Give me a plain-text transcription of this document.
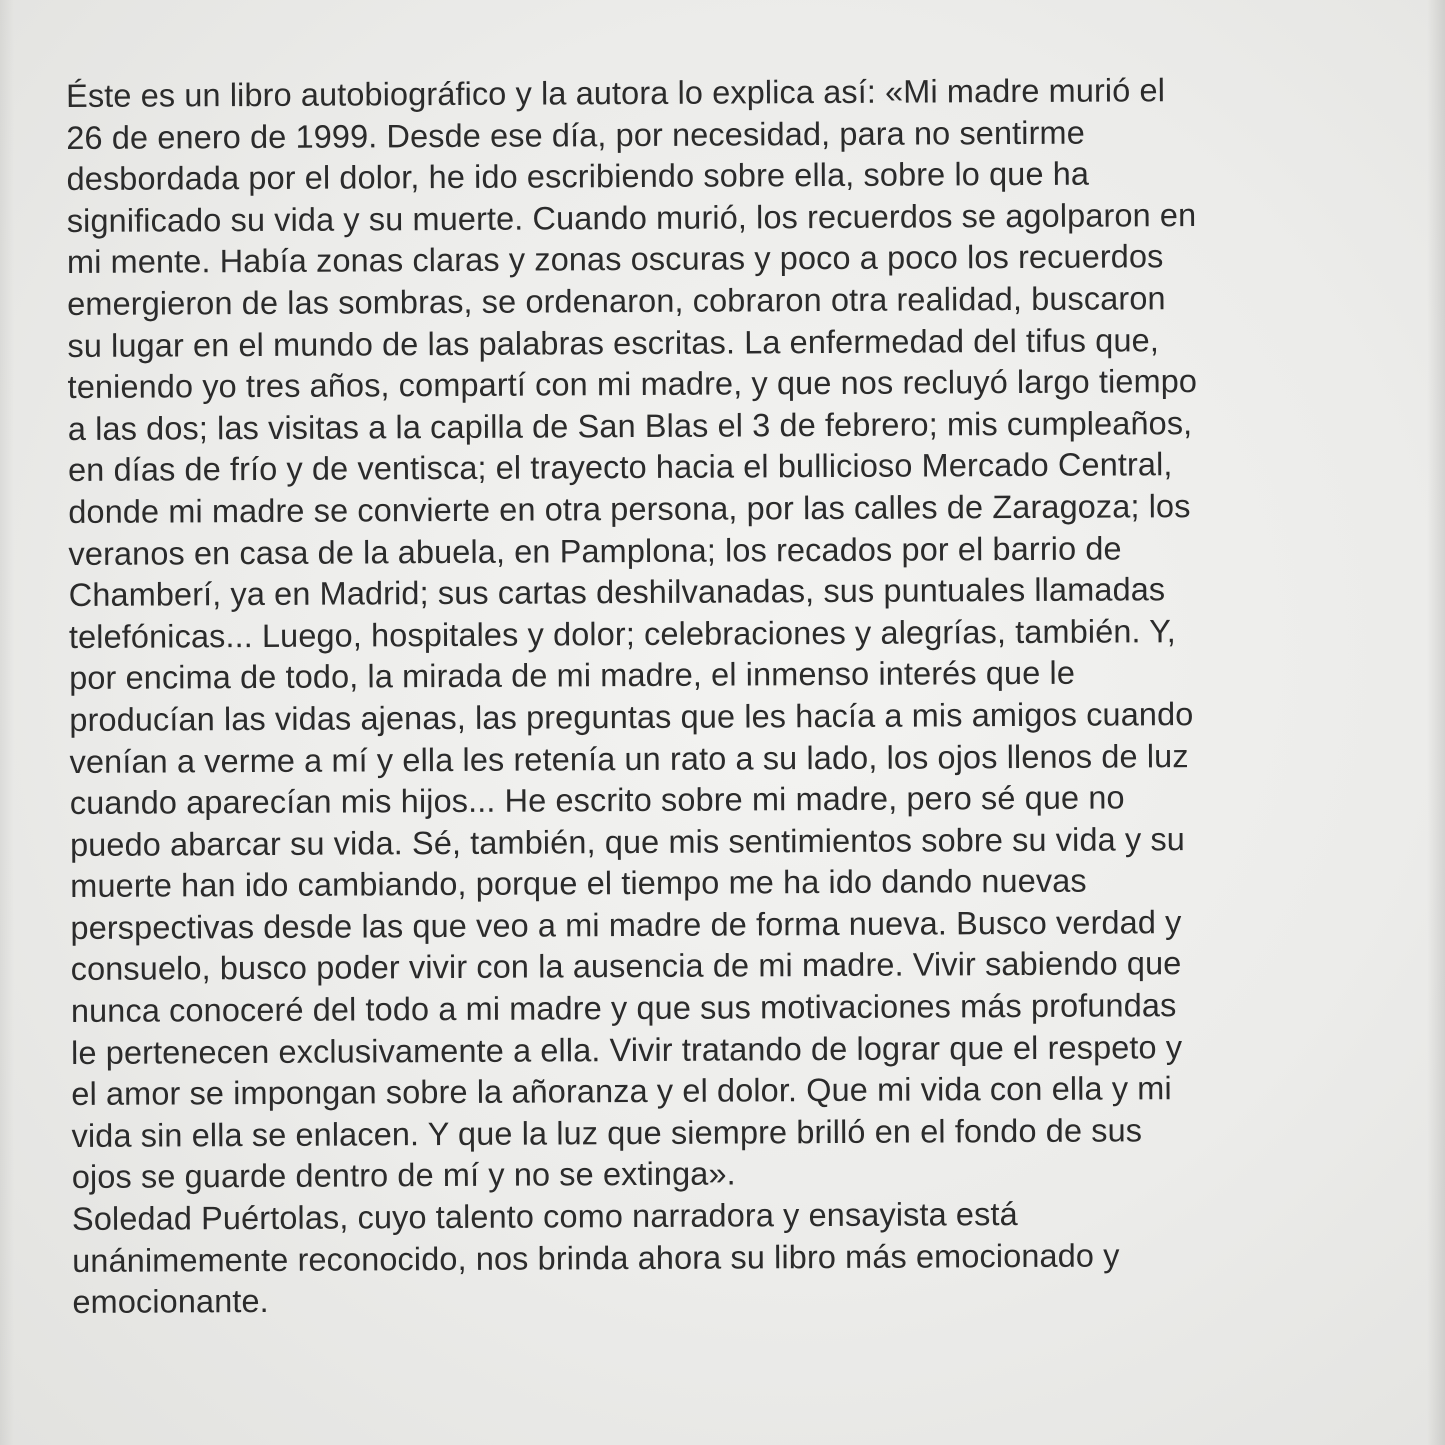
Éste es un libro autobiográfico y la autora lo explica así: «Mi madre murió el
26 de enero de 1999. Desde ese día, por necesidad, para no sentirme
desbordada por el dolor, he ido escribiendo sobre ella, sobre lo que ha
significado su vida y su muerte. Cuando murió, los recuerdos se agolparon en
mi mente. Había zonas claras y zonas oscuras y poco a poco los recuerdos
emergieron de las sombras, se ordenaron, cobraron otra realidad, buscaron
su lugar en el mundo de las palabras escritas. La enfermedad del tifus que,
teniendo yo tres años, compartí con mi madre, y que nos recluyó largo tiempo
a las dos; las visitas a la capilla de San Blas el 3 de febrero; mis cumpleaños,
en días de frío y de ventisca; el trayecto hacia el bullicioso Mercado Central,
donde mi madre se convierte en otra persona, por las calles de Zaragoza; los
veranos en casa de la abuela, en Pamplona; los recados por el barrio de
Chamberí, ya en Madrid; sus cartas deshilvanadas, sus puntuales llamadas
telefónicas... Luego, hospitales y dolor; celebraciones y alegrías, también. Y,
por encima de todo, la mirada de mi madre, el inmenso interés que le
producían las vidas ajenas, las preguntas que les hacía a mis amigos cuando
venían a verme a mí y ella les retenía un rato a su lado, los ojos llenos de luz
cuando aparecían mis hijos... He escrito sobre mi madre, pero sé que no
puedo abarcar su vida. Sé, también, que mis sentimientos sobre su vida y su
muerte han ido cambiando, porque el tiempo me ha ido dando nuevas
perspectivas desde las que veo a mi madre de forma nueva. Busco verdad y
consuelo, busco poder vivir con la ausencia de mi madre. Vivir sabiendo que
nunca conoceré del todo a mi madre y que sus motivaciones más profundas
le pertenecen exclusivamente a ella. Vivir tratando de lograr que el respeto y
el amor se impongan sobre la añoranza y el dolor. Que mi vida con ella y mi
vida sin ella se enlacen. Y que la luz que siempre brilló en el fondo de sus
ojos se guarde dentro de mí y no se extinga».
Soledad Puértolas, cuyo talento como narradora y ensayista está
unánimemente reconocido, nos brinda ahora su libro más emocionado y
emocionante.
